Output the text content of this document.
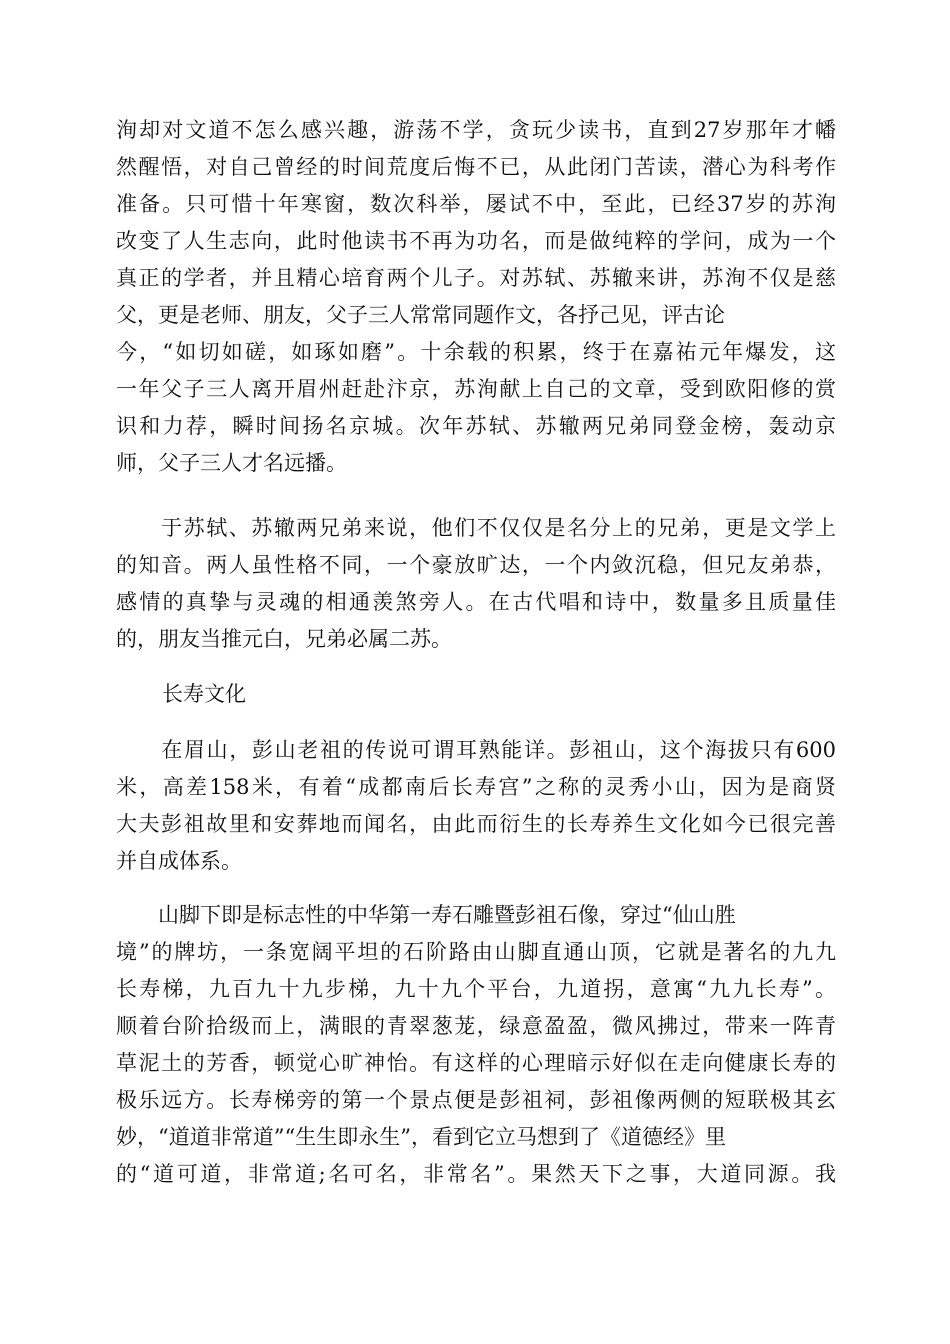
洵却对文道不怎么感兴趣，游荡不学，贪玩少读书，直到27岁那年才幡
然醒悟，对自己曾经的时间荒度后悔不已，从此闭门苦读，潜心为科考作
准备。只可惜十年寒窗，数次科举，屡试不中，至此，已经37岁的苏洵
改变了人生志向，此时他读书不再为功名，而是做纯粹的学问，成为一个
真正的学者，并且精心培育两个儿子。对苏轼、苏辙来讲，苏洵不仅是慈
父，更是老师、朋友，父子三人常常同题作文，各抒己见，评古论
今，“如切如磋，如琢如磨”。十余载的积累，终于在嘉祐元年爆发，这
一年父子三人离开眉州赶赴汴京，苏洵献上自己的文章，受到欧阳修的赏
识和力荐，瞬时间扬名京城。次年苏轼、苏辙两兄弟同登金榜，轰动京
师，父子三人才名远播。
　　于苏轼、苏辙两兄弟来说，他们不仅仅是名分上的兄弟，更是文学上
的知音。两人虽性格不同，一个豪放旷达，一个内敛沉稳，但兄友弟恭，
感情的真挚与灵魂的相通羡煞旁人。在古代唱和诗中，数量多且质量佳
的，朋友当推元白，兄弟必属二苏。
长寿文化
　　在眉山，彭山老祖的传说可谓耳熟能详。彭祖山，这个海拔只有600
米，高差158米，有着“成都南后长寿宫”之称的灵秀小山，因为是商贤
大夫彭祖故里和安葬地而闻名，由此而衍生的长寿养生文化如今已很完善
并自成体系。
　　山脚下即是标志性的中华第一寿石雕暨彭祖石像，穿过“仙山胜
境”的牌坊，一条宽阔平坦的石阶路由山脚直通山顶，它就是著名的九九
长寿梯，九百九十九步梯，九十九个平台，九道拐，意寓“九九长寿”。
顺着台阶拾级而上，满眼的青翠葱茏，绿意盈盈，微风拂过，带来一阵青
草泥土的芳香，顿觉心旷神怡。有这样的心理暗示好似在走向健康长寿的
极乐远方。长寿梯旁的第一个景点便是彭祖祠，彭祖像两侧的短联极其玄
妙，“道道非常道”“生生即永生”，看到它立马想到了《道德经》里
的“道可道，非常道;名可名，非常名”。果然天下之事，大道同源。我
